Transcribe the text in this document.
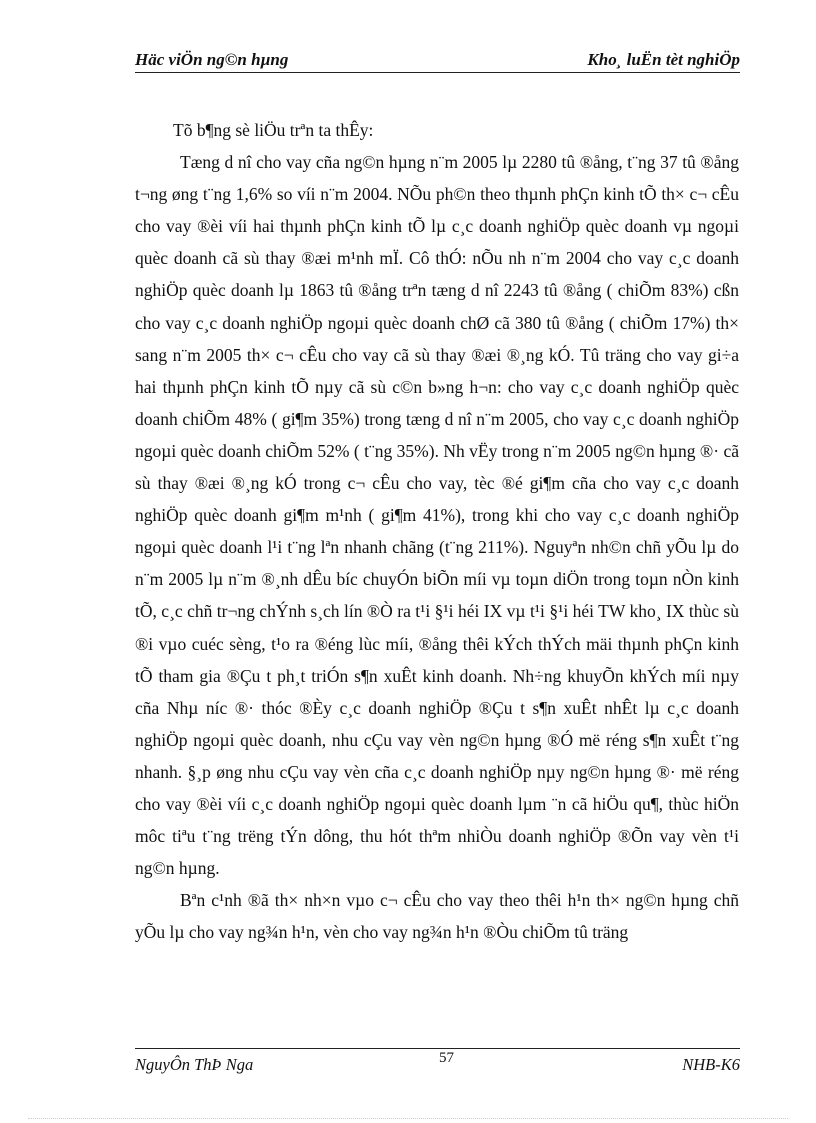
Häc viÖn ng©n hµng	Kho¸ luËn tèt nghiÖp

Tõ b¶ng sè liÖu trªn ta thÊy:

Tæng d nî cho vay cña ng©n hµng n¨m 2005 lµ 2280 tû ®ång, t¨ng 37 tû ®ång t¬ng øng t¨ng 1,6% so víi n¨m 2004. NÕu ph©n theo thµnh phÇn kinh tÕ th× c¬ cÊu cho vay ®èi víi hai thµnh phÇn kinh tÕ lµ c¸c doanh nghiÖp quèc doanh vµ ngoµi quèc doanh cã sù thay ®æi m¹nh mÏ. Cô thÓ: nÕu nh n¨m 2004 cho vay c¸c doanh nghiÖp quèc doanh lµ 1863 tû ®ång trªn tæng d nî 2243 tû ®ång ( chiÕm 83%) cßn cho vay c¸c doanh nghiÖp ngoµi quèc doanh chØ cã 380 tû ®ång ( chiÕm 17%) th× sang n¨m 2005 th× c¬ cÊu cho vay cã sù thay ®æi ®¸ng kÓ. Tû träng cho vay gi÷a hai thµnh phÇn kinh tÕ nµy cã sù c©n b»ng h¬n: cho vay c¸c doanh nghiÖp quèc doanh chiÕm 48% ( gi¶m 35%) trong tæng d nî n¨m 2005, cho vay c¸c doanh nghiÖp ngoµi quèc doanh chiÕm 52% ( t¨ng 35%). Nh vËy trong n¨m 2005 ng©n hµng ®· cã sù thay ®æi ®¸ng kÓ trong c¬ cÊu cho vay, tèc ®é gi¶m cña cho vay c¸c doanh nghiÖp quèc doanh gi¶m m¹nh ( gi¶m 41%), trong khi cho vay c¸c doanh nghiÖp ngoµi quèc doanh l¹i t¨ng lªn nhanh chãng (t¨ng 211%). Nguyªn nh©n chñ yÕu lµ do n¨m 2005 lµ n¨m ®¸nh dÊu bíc chuyÓn biÕn míi vµ toµn diÖn trong toµn nÒn kinh tÕ, c¸c chñ tr¬ng chÝnh s¸ch lín ®Ò ra t¹i §¹i héi IX vµ t¹i §¹i héi TW kho¸ IX thùc sù ®i vµo cuéc sèng, t¹o ra ®éng lùc míi, ®ång thêi kÝch thÝch mäi thµnh phÇn kinh tÕ tham gia ®Çu t ph¸t triÓn s¶n xuÊt kinh doanh. Nh÷ng khuyÕn khÝch míi nµy cña Nhµ níc ®· thóc ®Èy c¸c doanh nghiÖp ®Çu t s¶n xuÊt nhÊt lµ c¸c doanh nghiÖp ngoµi quèc doanh, nhu cÇu vay vèn ng©n hµng ®Ó më réng s¶n xuÊt t¨ng nhanh. §¸p øng nhu cÇu vay vèn cña c¸c doanh nghiÖp nµy ng©n hµng ®· më réng cho vay ®èi víi c¸c doanh nghiÖp ngoµi quèc doanh lµm ¨n cã hiÖu qu¶, thùc hiÖn môc tiªu t¨ng trëng tÝn dông, thu hót thªm nhiÒu doanh nghiÖp ®Õn vay vèn t¹i ng©n hµng.

Bªn c¹nh ®ã th× nh×n vµo c¬ cÊu cho vay theo thêi h¹n th× ng©n hµng chñ yÕu lµ cho vay ng¾n h¹n, vèn cho vay ng¾n h¹n ®Òu chiÕm tû träng

NguyÔn ThÞ Nga	57	NHB-K6
